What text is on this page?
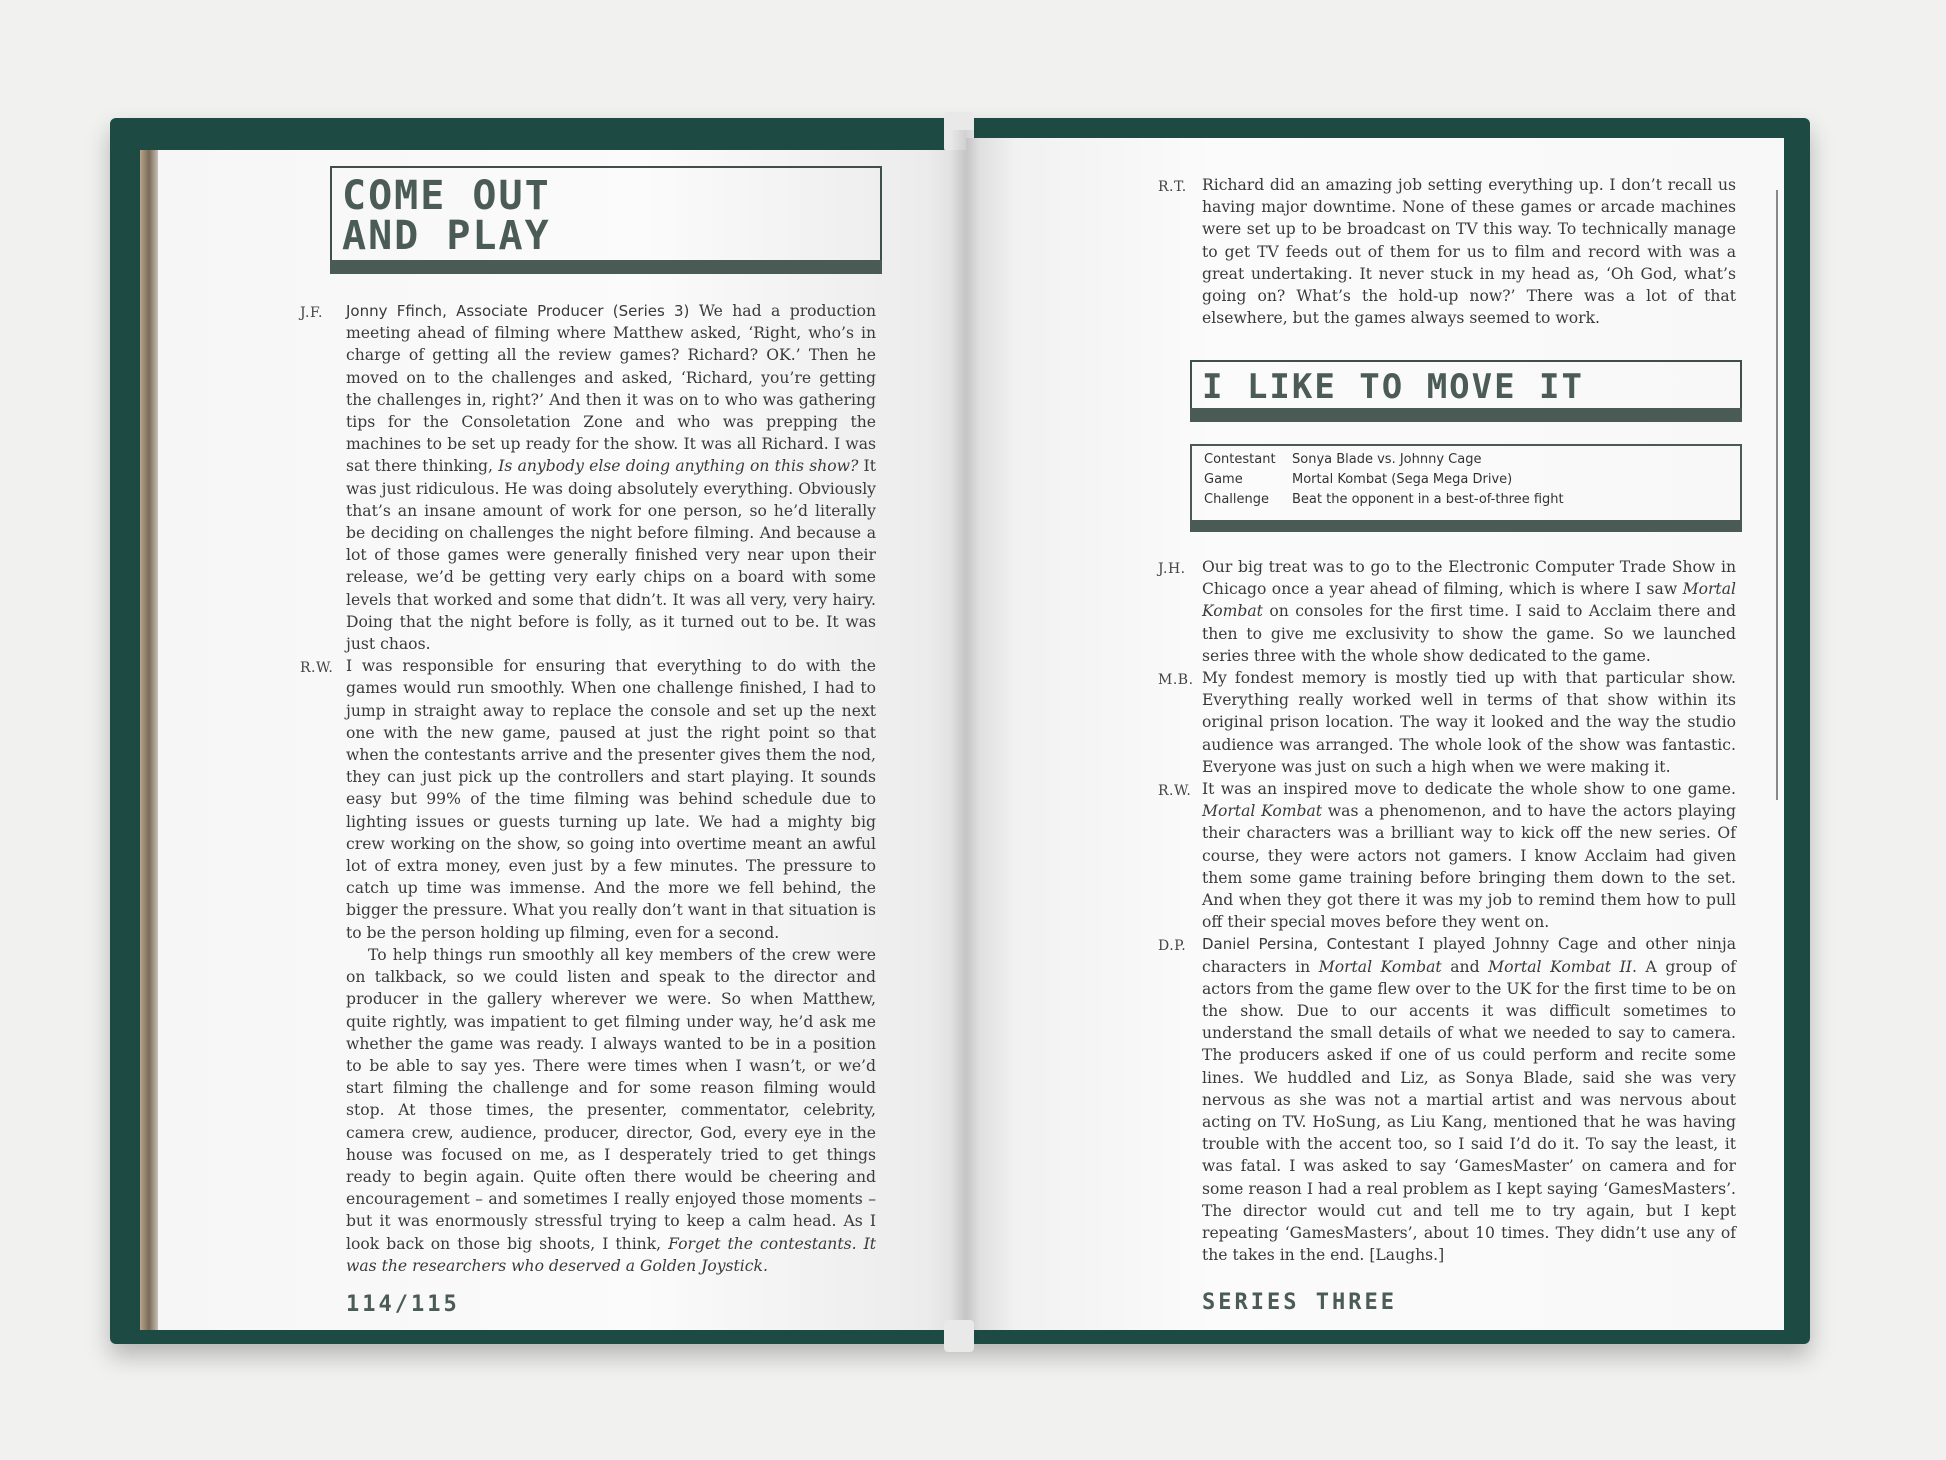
COME OUT
AND PLAY
J.F. Jonny Ffinch, Associate Producer (Series 3) We had a production meeting ahead of filming where Matthew asked, ‘Right, who’s in charge of getting all the review games? Richard? OK.’ Then he moved on to the challenges and asked, ‘Richard, you’re getting the challenges in, right?’ And then it was on to who was gathering tips for the Consoletation Zone and who was prepping the machines to be set up ready for the show. It was all Richard. I was sat there thinking, Is anybody else doing anything on this show? It was just ridiculous. He was doing absolutely everything. Obviously that’s an insane amount of work for one person, so he’d literally be deciding on challenges the night before filming. And because a lot of those games were generally finished very near upon their release, we’d be getting very early chips on a board with some levels that worked and some that didn’t. It was all very, very hairy. Doing that the night before is folly, as it turned out to be. It was just chaos.
R.W. I was responsible for ensuring that everything to do with the games would run smoothly. When one challenge finished, I had to jump in straight away to replace the console and set up the next one with the new game, paused at just the right point so that when the contestants arrive and the presenter gives them the nod, they can just pick up the controllers and start playing. It sounds easy but 99% of the time filming was behind schedule due to lighting issues or guests turning up late. We had a mighty big crew working on the show, so going into overtime meant an awful lot of extra money, even just by a few minutes. The pressure to catch up time was immense. And the more we fell behind, the bigger the pressure. What you really don’t want in that situation is to be the person holding up filming, even for a second.
To help things run smoothly all key members of the crew were on talkback, so we could listen and speak to the director and producer in the gallery wherever we were. So when Matthew, quite rightly, was impatient to get filming under way, he’d ask me whether the game was ready. I always wanted to be in a position to be able to say yes. There were times when I wasn’t, or we’d start filming the challenge and for some reason filming would stop. At those times, the presenter, commentator, celebrity, camera crew, audience, producer, director, God, every eye in the house was focused on me, as I desperately tried to get things ready to begin again. Quite often there would be cheering and encouragement – and sometimes I really enjoyed those moments – but it was enormously stressful trying to keep a calm head. As I look back on those big shoots, I think, Forget the contestants. It was the researchers who deserved a Golden Joystick.
114/115
R.T. Richard did an amazing job setting everything up. I don’t recall us having major downtime. None of these games or arcade machines were set up to be broadcast on TV this way. To technically manage to get TV feeds out of them for us to film and record with was a great undertaking. It never stuck in my head as, ‘Oh God, what’s going on? What’s the hold-up now?’ There was a lot of that elsewhere, but the games always seemed to work.
I LIKE TO MOVE IT
Contestant Sonya Blade vs. Johnny Cage
Game	Mortal Kombat (Sega Mega Drive)
Challenge Beat the opponent in a best-of-three fight
J.H. Our big treat was to go to the Electronic Computer Trade Show in Chicago once a year ahead of filming, which is where I saw Mortal Kombat on consoles for the first time. I said to Acclaim there and then to give me exclusivity to show the game. So we launched series three with the whole show dedicated to the game.
M.B. My fondest memory is mostly tied up with that particular show. Everything really worked well in terms of that show within its original prison location. The way it looked and the way the studio audience was arranged. The whole look of the show was fantastic. Everyone was just on such a high when we were making it.
R.W. It was an inspired move to dedicate the whole show to one game. Mortal Kombat was a phenomenon, and to have the actors playing their characters was a brilliant way to kick off the new series. Of course, they were actors not gamers. I know Acclaim had given them some game training before bringing them down to the set. And when they got there it was my job to remind them how to pull off their special moves before they went on.
D.P. Daniel Persina, Contestant I played Johnny Cage and other ninja characters in Mortal Kombat and Mortal Kombat II. A group of actors from the game flew over to the UK for the first time to be on the show. Due to our accents it was difficult sometimes to understand the small details of what we needed to say to camera. The producers asked if one of us could perform and recite some lines. We huddled and Liz, as Sonya Blade, said she was very nervous as she was not a martial artist and was nervous about acting on TV. HoSung, as Liu Kang, mentioned that he was having trouble with the accent too, so I said I’d do it. To say the least, it was fatal. I was asked to say ‘GamesMaster’ on camera and for some reason I had a real problem as I kept saying ‘GamesMasters’. The director would cut and tell me to try again, but I kept repeating ‘GamesMasters’, about 10 times. They didn’t use any of the takes in the end. [Laughs.]
SERIES THREE
